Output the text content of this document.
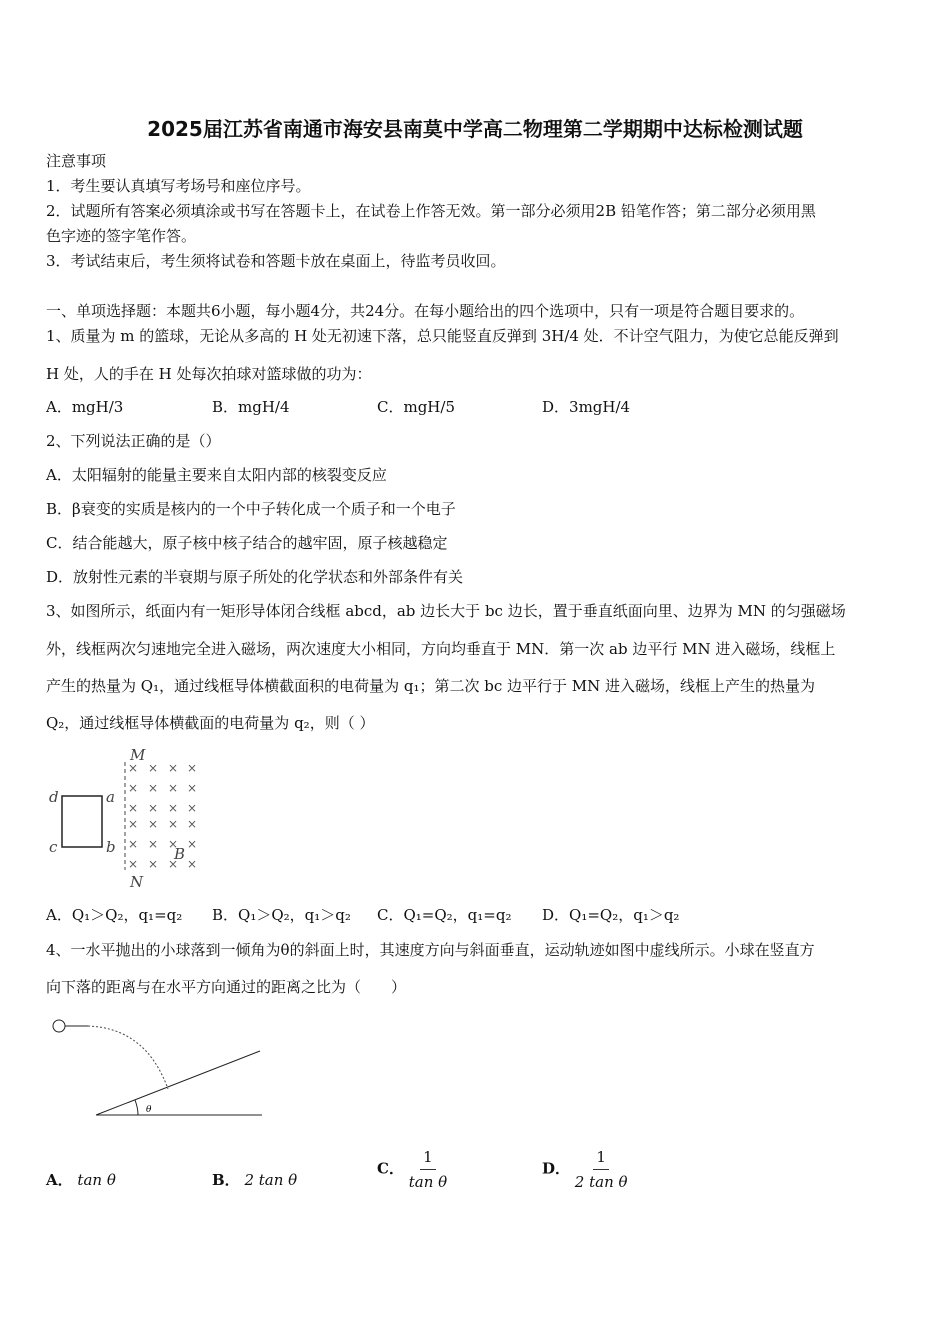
2025届江苏省南通市海安县南莫中学高二物理第二学期期中达标检测试题
注意事项
1．考生要认真填写考场号和座位序号。
2．试题所有答案必须填涂或书写在答题卡上，在试卷上作答无效。第一部分必须用2B 铅笔作答；第二部分必须用黑
色字迹的签字笔作答。
3．考试结束后，考生须将试卷和答题卡放在桌面上，待监考员收回。
一、单项选择题：本题共6小题，每小题4分，共24分。在每小题给出的四个选项中，只有一项是符合题目要求的。
1、质量为 m 的篮球，无论从多高的 H 处无初速下落，总只能竖直反弹到 3H/4 处．不计空气阻力，为使它总能反弹到
H 处，人的手在 H 处每次拍球对篮球做的功为：
A．mgH/3	B．mgH/4	C．mgH/5	D．3mgH/4
2、下列说法正确的是（）
A．太阳辐射的能量主要来自太阳内部的核裂变反应
B．β衰变的实质是核内的一个中子转化成一个质子和一个电子
C．结合能越大，原子核中核子结合的越牢固，原子核越稳定
D．放射性元素的半衰期与原子所处的化学状态和外部条件有关
3、如图所示，纸面内有一矩形导体闭合线框 abcd，ab 边长大于 bc 边长，置于垂直纸面向里、边界为 MN 的匀强磁场
外，线框两次匀速地完全进入磁场，两次速度大小相同，方向均垂直于 MN．第一次 ab 边平行 MN 进入磁场，线框上
产生的热量为 Q₁，通过线框导体横截面积的电荷量为 q₁；第二次 bc 边平行于 MN 进入磁场，线框上产生的热量为
Q₂，通过线框导体横截面的电荷量为 q₂，则（ ）
M
N
d	a
c	b	B
× × × ×
× × × ×
× × × ×
× × × ×
× × × ×
× × × ×
A．Q₁＞Q₂，q₁=q₂ B．Q₁＞Q₂，q₁＞q₂ C．Q₁=Q₂，q₁=q₂ D．Q₁=Q₂，q₁＞q₂
4、一水平抛出的小球落到一倾角为θ的斜面上时，其速度方向与斜面垂直，运动轨迹如图中虚线所示。小球在竖直方
向下落的距离与在水平方向通过的距离之比为（　　）
θ
A． tan θ	B． 2 tan θ
C． $\frac{1}{\text{tan θ}}$	D． $\frac{1}{\text{2 tan θ}}$
